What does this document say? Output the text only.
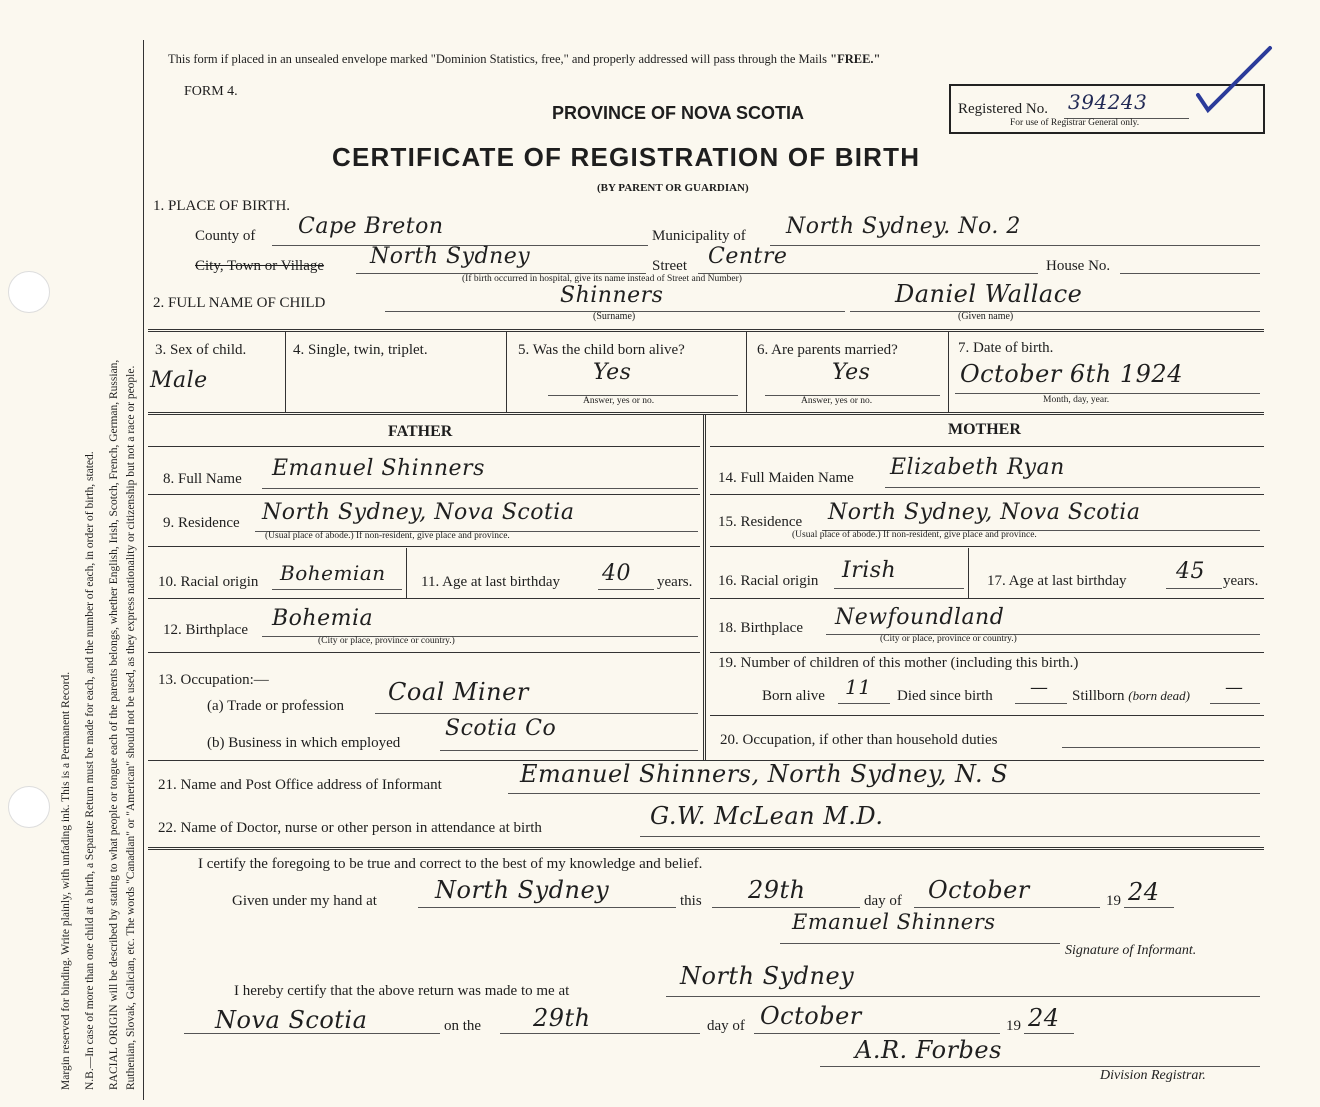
Margin reserved for binding. Write plainly, with unfading ink. This is a Permanent Record. N.B.—In case of more than one child at a birth, a Separate Return must be made for each, and the number of each, in order of birth, stated. RACIAL ORIGIN will be described by stating to what people or tongue each of the parents belongs, whether English, Irish, Scotch, French, German, Russian, Ruthenian, Slovak, Galician, etc. The words "Canadian" or "American" should not be used, as they express nationality or citizenship but not a race or people.
This form if placed in an unsealed envelope marked "Dominion Statistics, free," and properly addressed will pass through the Mails "FREE."
FORM 4.
PROVINCE OF NOVA SCOTIA
CERTIFICATE OF REGISTRATION OF BIRTH
(BY PARENT OR GUARDIAN)
Registered No. 394243
For use of Registrar General only.
1. PLACE OF BIRTH.
County of Cape Breton	Municipality of North Sydney. No. 2
City, Town or Village North Sydney
(If birth occurred in hospital, give its name instead of Street and Number)
Street Centre	House No.
2. FULL NAME OF CHILD	Shinners
(Surname)
Daniel Wallace
(Given name)
3. Sex of child.
Male
4. Single, twin, triplet.	5. Was the child born alive?
Yes
Answer, yes or no.
6. Are parents married?
Yes
Answer, yes or no.
7. Date of birth.
October 6th 1924
Month, day, year.
FATHER	MOTHER
8. Full Name Emanuel Shinners
9. Residence North Sydney, Nova Scotia
(Usual place of abode.) If non-resident, give place and province.
10. Racial origin Bohemian 11. Age at last birthday 40 years.
12. Birthplace Bohemia
(City or place, province or country.)
13. Occupation:—
(a) Trade or profession Coal Miner
(b) Business in which employed
Scotia Co
14. Full Maiden Name Elizabeth Ryan
15. Residence North Sydney, Nova Scotia
(Usual place of abode.) If non-resident, give place and province.
16. Racial origin Irish	17. Age at last birthday 45 years.
18. Birthplace Newfoundland
(City or place, province or country.)
19. Number of children of this mother (including this birth.)
Born alive 11 Died since birth — Stillborn (born dead) —
20. Occupation, if other than household duties
21. Name and Post Office address of Informant	Emanuel Shinners, North Sydney, N. S
22. Name of Doctor, nurse or other person in attendance at birth	G.W. McLean M.D.
I certify the foregoing to be true and correct to the best of my knowledge and belief.
Given under my hand at North Sydney	this 29th	day of October	19 24
Emanuel Shinners
Signature of Informant.
I hereby certify that the above return was made to me at
North Sydney
Nova Scotia	on the 29th	day of October	19 24
A.R. Forbes
Division Registrar.
